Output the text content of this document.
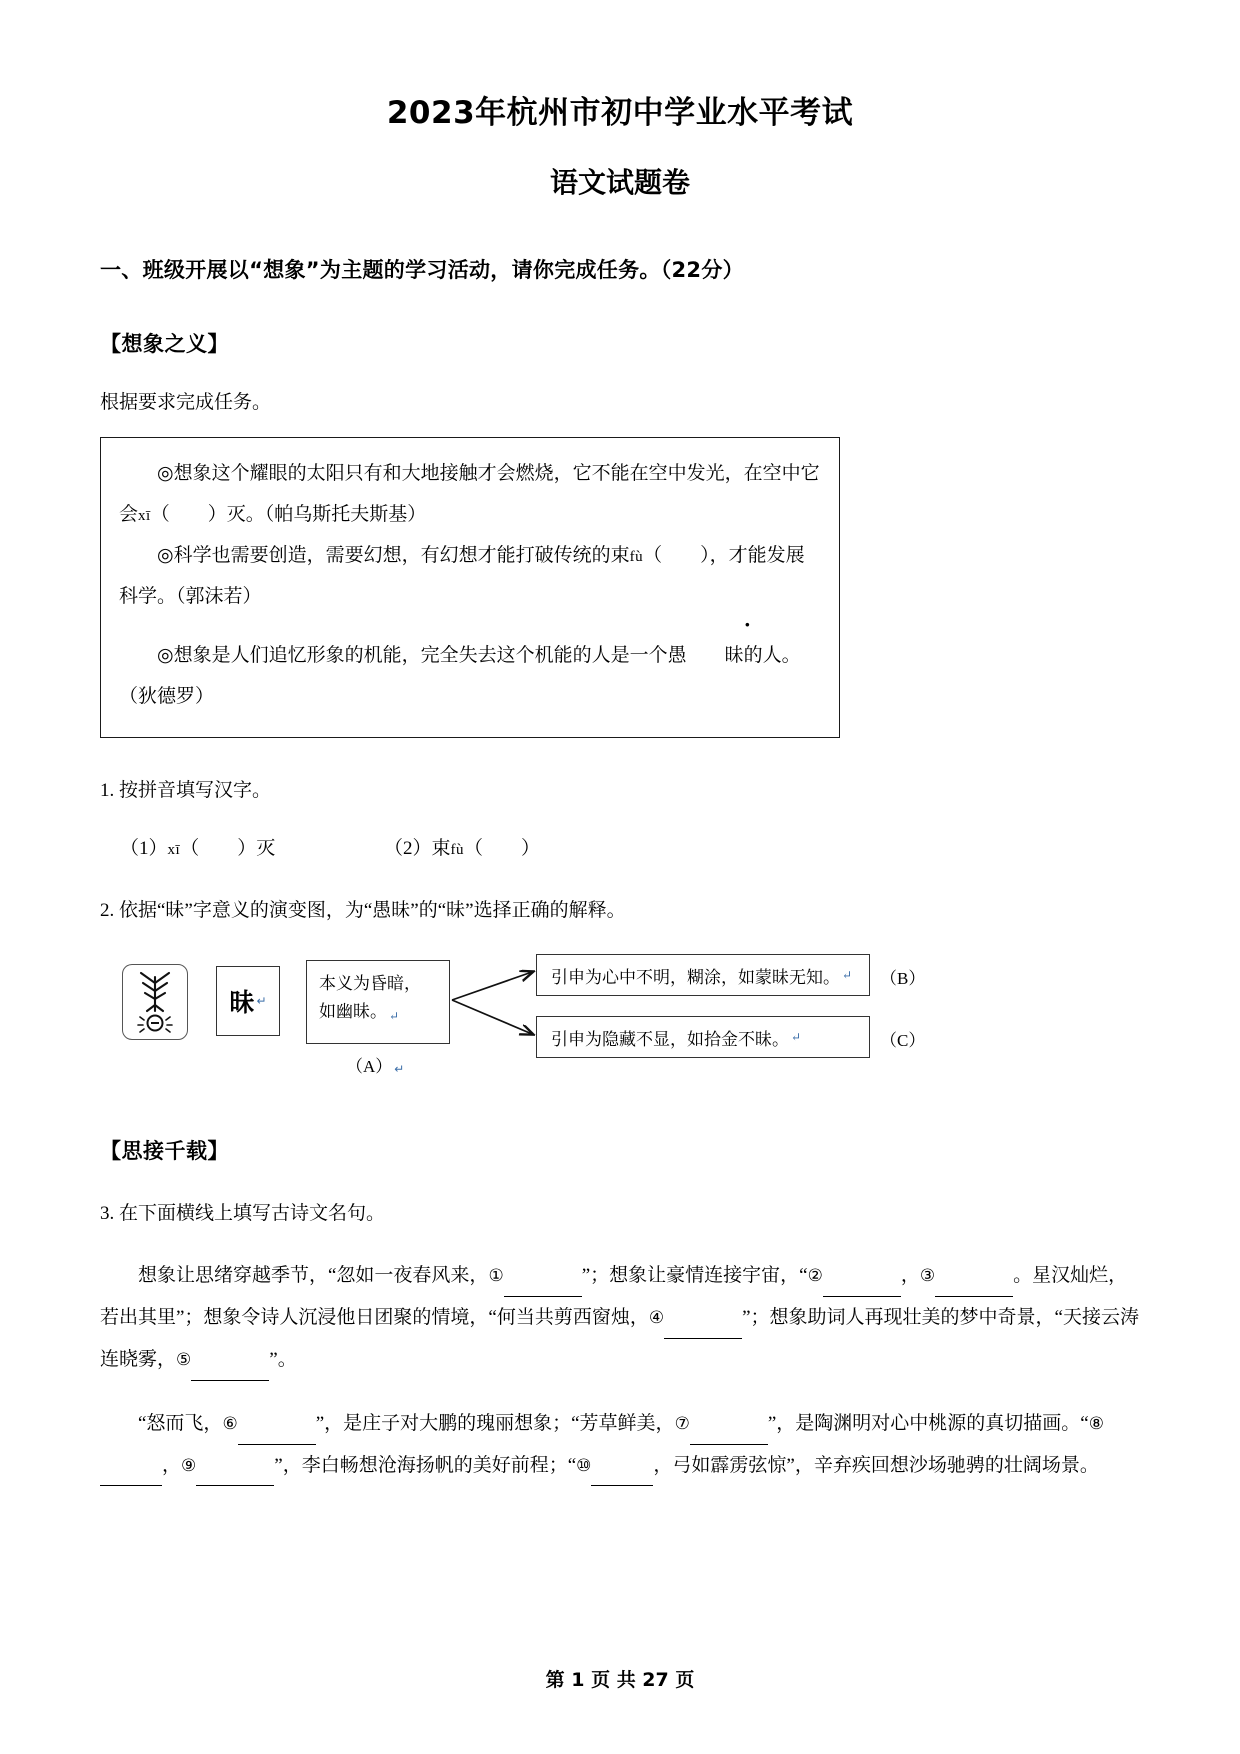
2023年杭州市初中学业水平考试
语文试题卷
一、班级开展以“想象”为主题的学习活动，请你完成任务。（22分）
【想象之义】
根据要求完成任务。
◎想象这个耀眼的太阳只有和大地接触才会燃烧，它不能在空中发光，在空中它会xī（　　）灭。（帕乌斯托夫斯基）
◎科学也需要创造，需要幻想，有幻想才能打破传统的束fù（　　），才能发展科学。（郭沫若）
◎想象是人们追忆形象的机能，完全失去这个机能的人是一个愚 昧的人。（狄德罗）
1. 按拼音填写汉字。
（1）xī（　　）灭	（2）束fù（　　）
2. 依据“昧”字意义的演变图，为“愚昧”的“昧”选择正确的解释。
昧 ↵
本义为昏暗，
如幽昧。 ↵
（A） ↵
引申为心中不明，糊涂，如蒙昧无知。 ↵ （B）
引申为隐藏不显，如拾金不昧。 ↵	（C）
【思接千载】
3. 在下面横线上填写古诗文名句。
想象让思绪穿越季节，“忽如一夜春风来，①	”；想象让豪情连接宇宙，“②	，③	。星汉灿烂，若出其里”；想象令诗人沉浸他日团聚的情境，“何当共剪西窗烛，④	”；想象助词人再现壮美的梦中奇景，“天接云涛连晓雾，⑤	”。
“怒而飞，⑥	”，是庄子对大鹏的瑰丽想象；“芳草鲜美，⑦	”，是陶渊明对心中桃源的真切描画。“⑧，⑨	”，李白畅想沧海扬帆的美好前程；“⑩	，弓如霹雳弦惊”，辛弃疾回想沙场驰骋的壮阔场景。
第 1 页 共 27 页
